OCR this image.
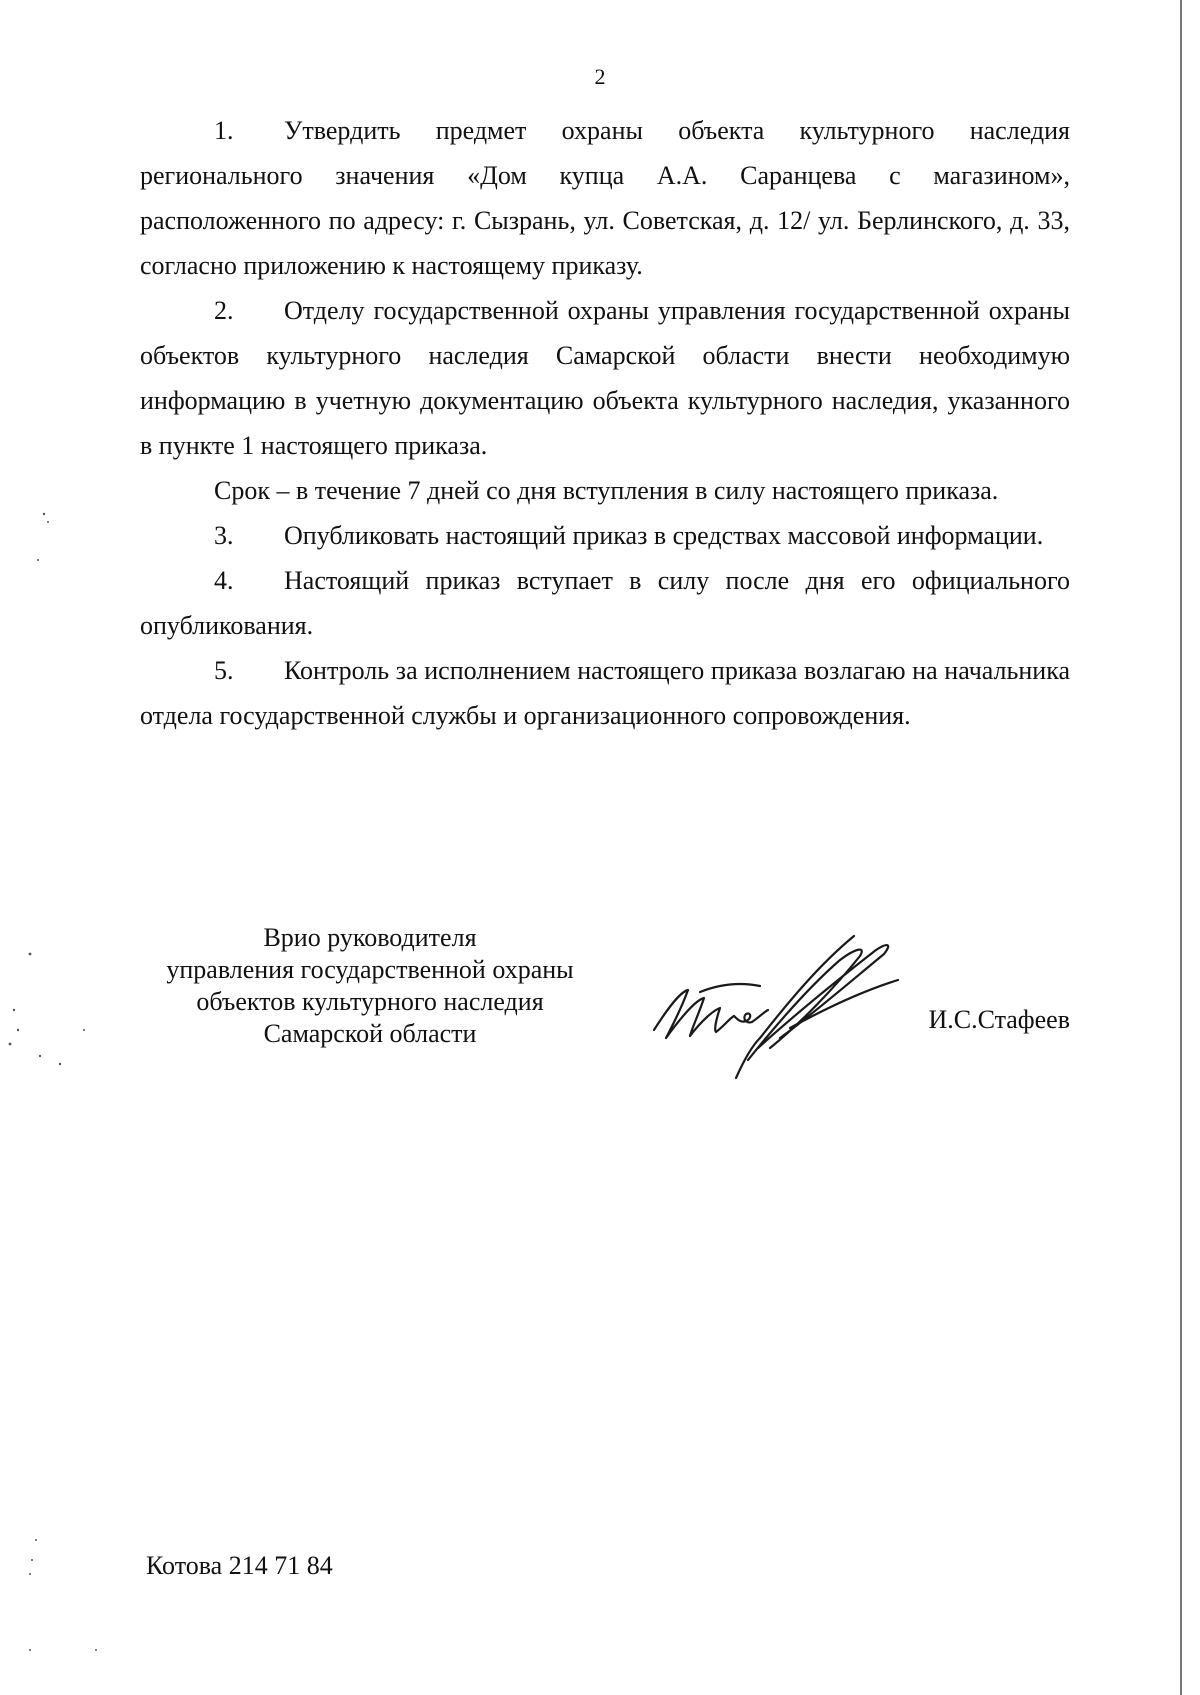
2

1. Утвердить предмет охраны объекта культурного наследия регионального значения «Дом купца А.А. Саранцева с магазином», расположенного по адресу: г. Сызрань, ул. Советская, д. 12/ ул. Берлинского, д. 33, согласно приложению к настоящему приказу.

2. Отделу государственной охраны управления государственной охраны объектов культурного наследия Самарской области внести необходимую информацию в учетную документацию объекта культурного наследия, указанного в пункте 1 настоящего приказа.

Срок – в течение 7 дней со дня вступления в силу настоящего приказа.

3. Опубликовать настоящий приказ в средствах массовой информации.

4. Настоящий приказ вступает в силу после дня его официального опубликования.

5. Контроль за исполнением настоящего приказа возлагаю на начальника отдела государственной службы и организационного сопровождения.

Врио руководителя
управления государственной охраны
объектов культурного наследия
Самарской области	И.С.Стафеев
Котова 214 71 84
